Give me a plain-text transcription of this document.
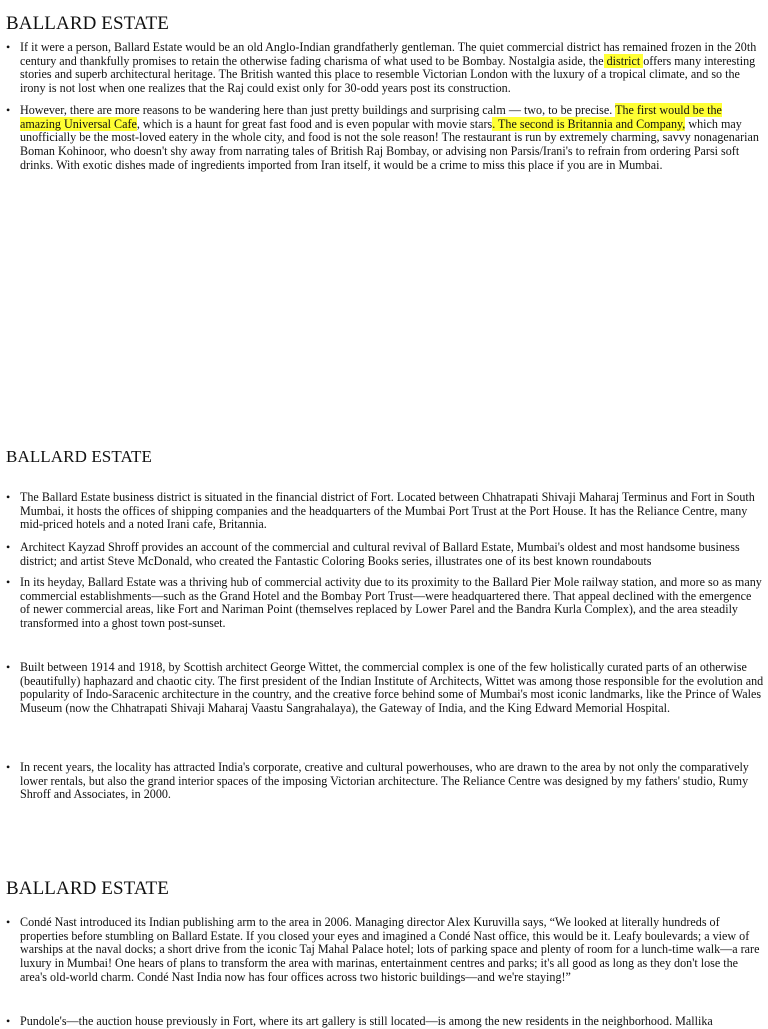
BALLARD ESTATE
• If it were a person, Ballard Estate would be an old Anglo-Indian grandfatherly gentleman. The quiet commercial district has remained frozen in the 20th century and thankfully promises to retain the otherwise fading charisma of what used to be Bombay. Nostalgia aside, the district offers many interesting stories and superb architectural heritage. The British wanted this place to resemble Victorian London with the luxury of a tropical climate, and so the irony is not lost when one realizes that the Raj could exist only for 30-odd years post its construction.

• However, there are more reasons to be wandering here than just pretty buildings and surprising calm — two, to be precise. The first would be the amazing Universal Cafe, which is a haunt for great fast food and is even popular with movie stars. The second is Britannia and Company, which may unofficially be the most-loved eatery in the whole city, and food is not the sole reason! The restaurant is run by extremely charming, savvy nonagenarian Boman Kohinoor, who doesn't shy away from narrating tales of British Raj Bombay, or advising non Parsis/Irani's to refrain from ordering Parsi soft drinks. With exotic dishes made of ingredients imported from Iran itself, it would be a crime to miss this place if you are in Mumbai.

BALLARD ESTATE
• The Ballard Estate business district is situated in the financial district of Fort. Located between Chhatrapati Shivaji Maharaj Terminus and Fort in South Mumbai, it hosts the offices of shipping companies and the headquarters of the Mumbai Port Trust at the Port House. It has the Reliance Centre, many mid-priced hotels and a noted Irani cafe, Britannia.

• Architect Kayzad Shroff provides an account of the commercial and cultural revival of Ballard Estate, Mumbai's oldest and most handsome business district; and artist Steve McDonald, who created the Fantastic Coloring Books series, illustrates one of its best known roundabouts

• In its heyday, Ballard Estate was a thriving hub of commercial activity due to its proximity to the Ballard Pier Mole railway station, and more so as many commercial establishments—such as the Grand Hotel and the Bombay Port Trust—were headquartered there. That appeal declined with the emergence of newer commercial areas, like Fort and Nariman Point (themselves replaced by Lower Parel and the Bandra Kurla Complex), and the area steadily transformed into a ghost town post-sunset.

• Built between 1914 and 1918, by Scottish architect George Wittet, the commercial complex is one of the few holistically curated parts of an otherwise (beautifully) haphazard and chaotic city. The first president of the Indian Institute of Architects, Wittet was among those responsible for the evolution and popularity of Indo-Saracenic architecture in the country, and the creative force behind some of Mumbai's most iconic landmarks, like the Prince of Wales Museum (now the Chhatrapati Shivaji Maharaj Vaastu Sangrahalaya), the Gateway of India, and the King Edward Memorial Hospital.

• In recent years, the locality has attracted India's corporate, creative and cultural powerhouses, who are drawn to the area by not only the comparatively lower rentals, but also the grand interior spaces of the imposing Victorian architecture. The Reliance Centre was designed by my fathers' studio, Rumy Shroff and Associates, in 2000.

BALLARD ESTATE
• Condé Nast introduced its Indian publishing arm to the area in 2006. Managing director Alex Kuruvilla says, “We looked at literally hundreds of properties before stumbling on Ballard Estate. If you closed your eyes and imagined a Condé Nast office, this would be it. Leafy boulevards; a view of warships at the naval docks; a short drive from the iconic Taj Mahal Palace hotel; lots of parking space and plenty of room for a lunch-time walk—a rare luxury in Mumbai! One hears of plans to transform the area with marinas, entertainment centres and parks; it's all good as long as they don't lose the area's old-world charm. Condé Nast India now has four offices across two historic buildings—and we're staying!”

• Pundole's—the auction house previously in Fort, where its art gallery is still located—is among the new residents in the neighborhood. Mallika
